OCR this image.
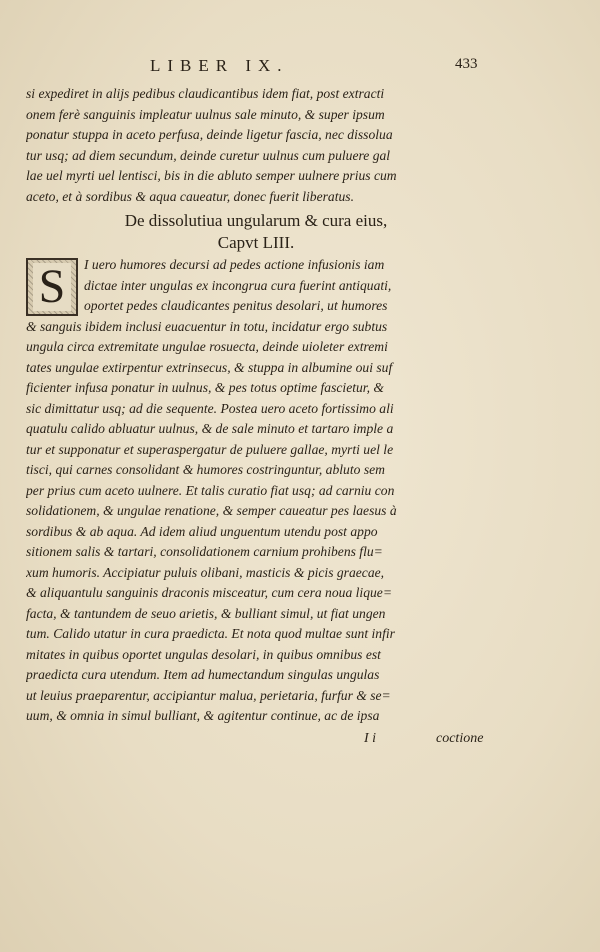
LIBER IX.	433
si expediret in alijs pedibus claudicantibus idem fiat, post extracti
onem ferè sanguinis impleatur uulnus sale minuto, & super ipsum
ponatur stuppa in aceto perfusa, deinde ligetur fascia, nec dissolua
tur usq; ad diem secundum, deinde curetur uulnus cum puluere gal
lae uel myrti uel lentisci, bis in die abluto semper uulnere prius cum
aceto, et à sordibus & aqua caueatur, donec fuerit liberatus.
De dissolutiua ungularum & cura eius,
Capvt LIII.
S	I uero humores decursi ad pedes actione infusionis iam
dictae inter ungulas ex incongrua cura fuerint antiquati,
oportet pedes claudicantes penitus desolari, ut humores
& sanguis ibidem inclusi euacuentur in totu, incidatur ergo subtus
ungula circa extremitate ungulae rosuecta, deinde uioleter extremi
tates ungulae extirpentur extrinsecus, & stuppa in albumine oui suf
ficienter infusa ponatur in uulnus, & pes totus optime fascietur, &
sic dimittatur usq; ad die sequente. Postea uero aceto fortissimo ali
quatulu calido abluatur uulnus, & de sale minuto et tartaro imple a
tur et supponatur et superaspergatur de puluere gallae, myrti uel le
tisci, qui carnes consolidant & humores costringuntur, abluto sem
per prius cum aceto uulnere. Et talis curatio fiat usq; ad carniu con
solidationem, & ungulae renatione, & semper caueatur pes laesus à
sordibus & ab aqua. Ad idem aliud unguentum utendu post appo
sitionem salis & tartari, consolidationem carnium prohibens flu=
xum humoris. Accipiatur puluis olibani, masticis & picis graecae,
& aliquantulu sanguinis draconis misceatur, cum cera noua lique=
facta, & tantundem de seuo arietis, & bulliant simul, ut fiat ungen
tum. Calido utatur in cura praedicta. Et nota quod multae sunt infir
mitates in quibus oportet ungulas desolari, in quibus omnibus est
praedicta cura utendum. Item ad humectandum singulas ungulas
ut leuius praeparentur, accipiantur malua, perietaria, furfur & se=
uum, & omnia in simul bulliant, & agitentur continue, ac de ipsa
I i	coctione
